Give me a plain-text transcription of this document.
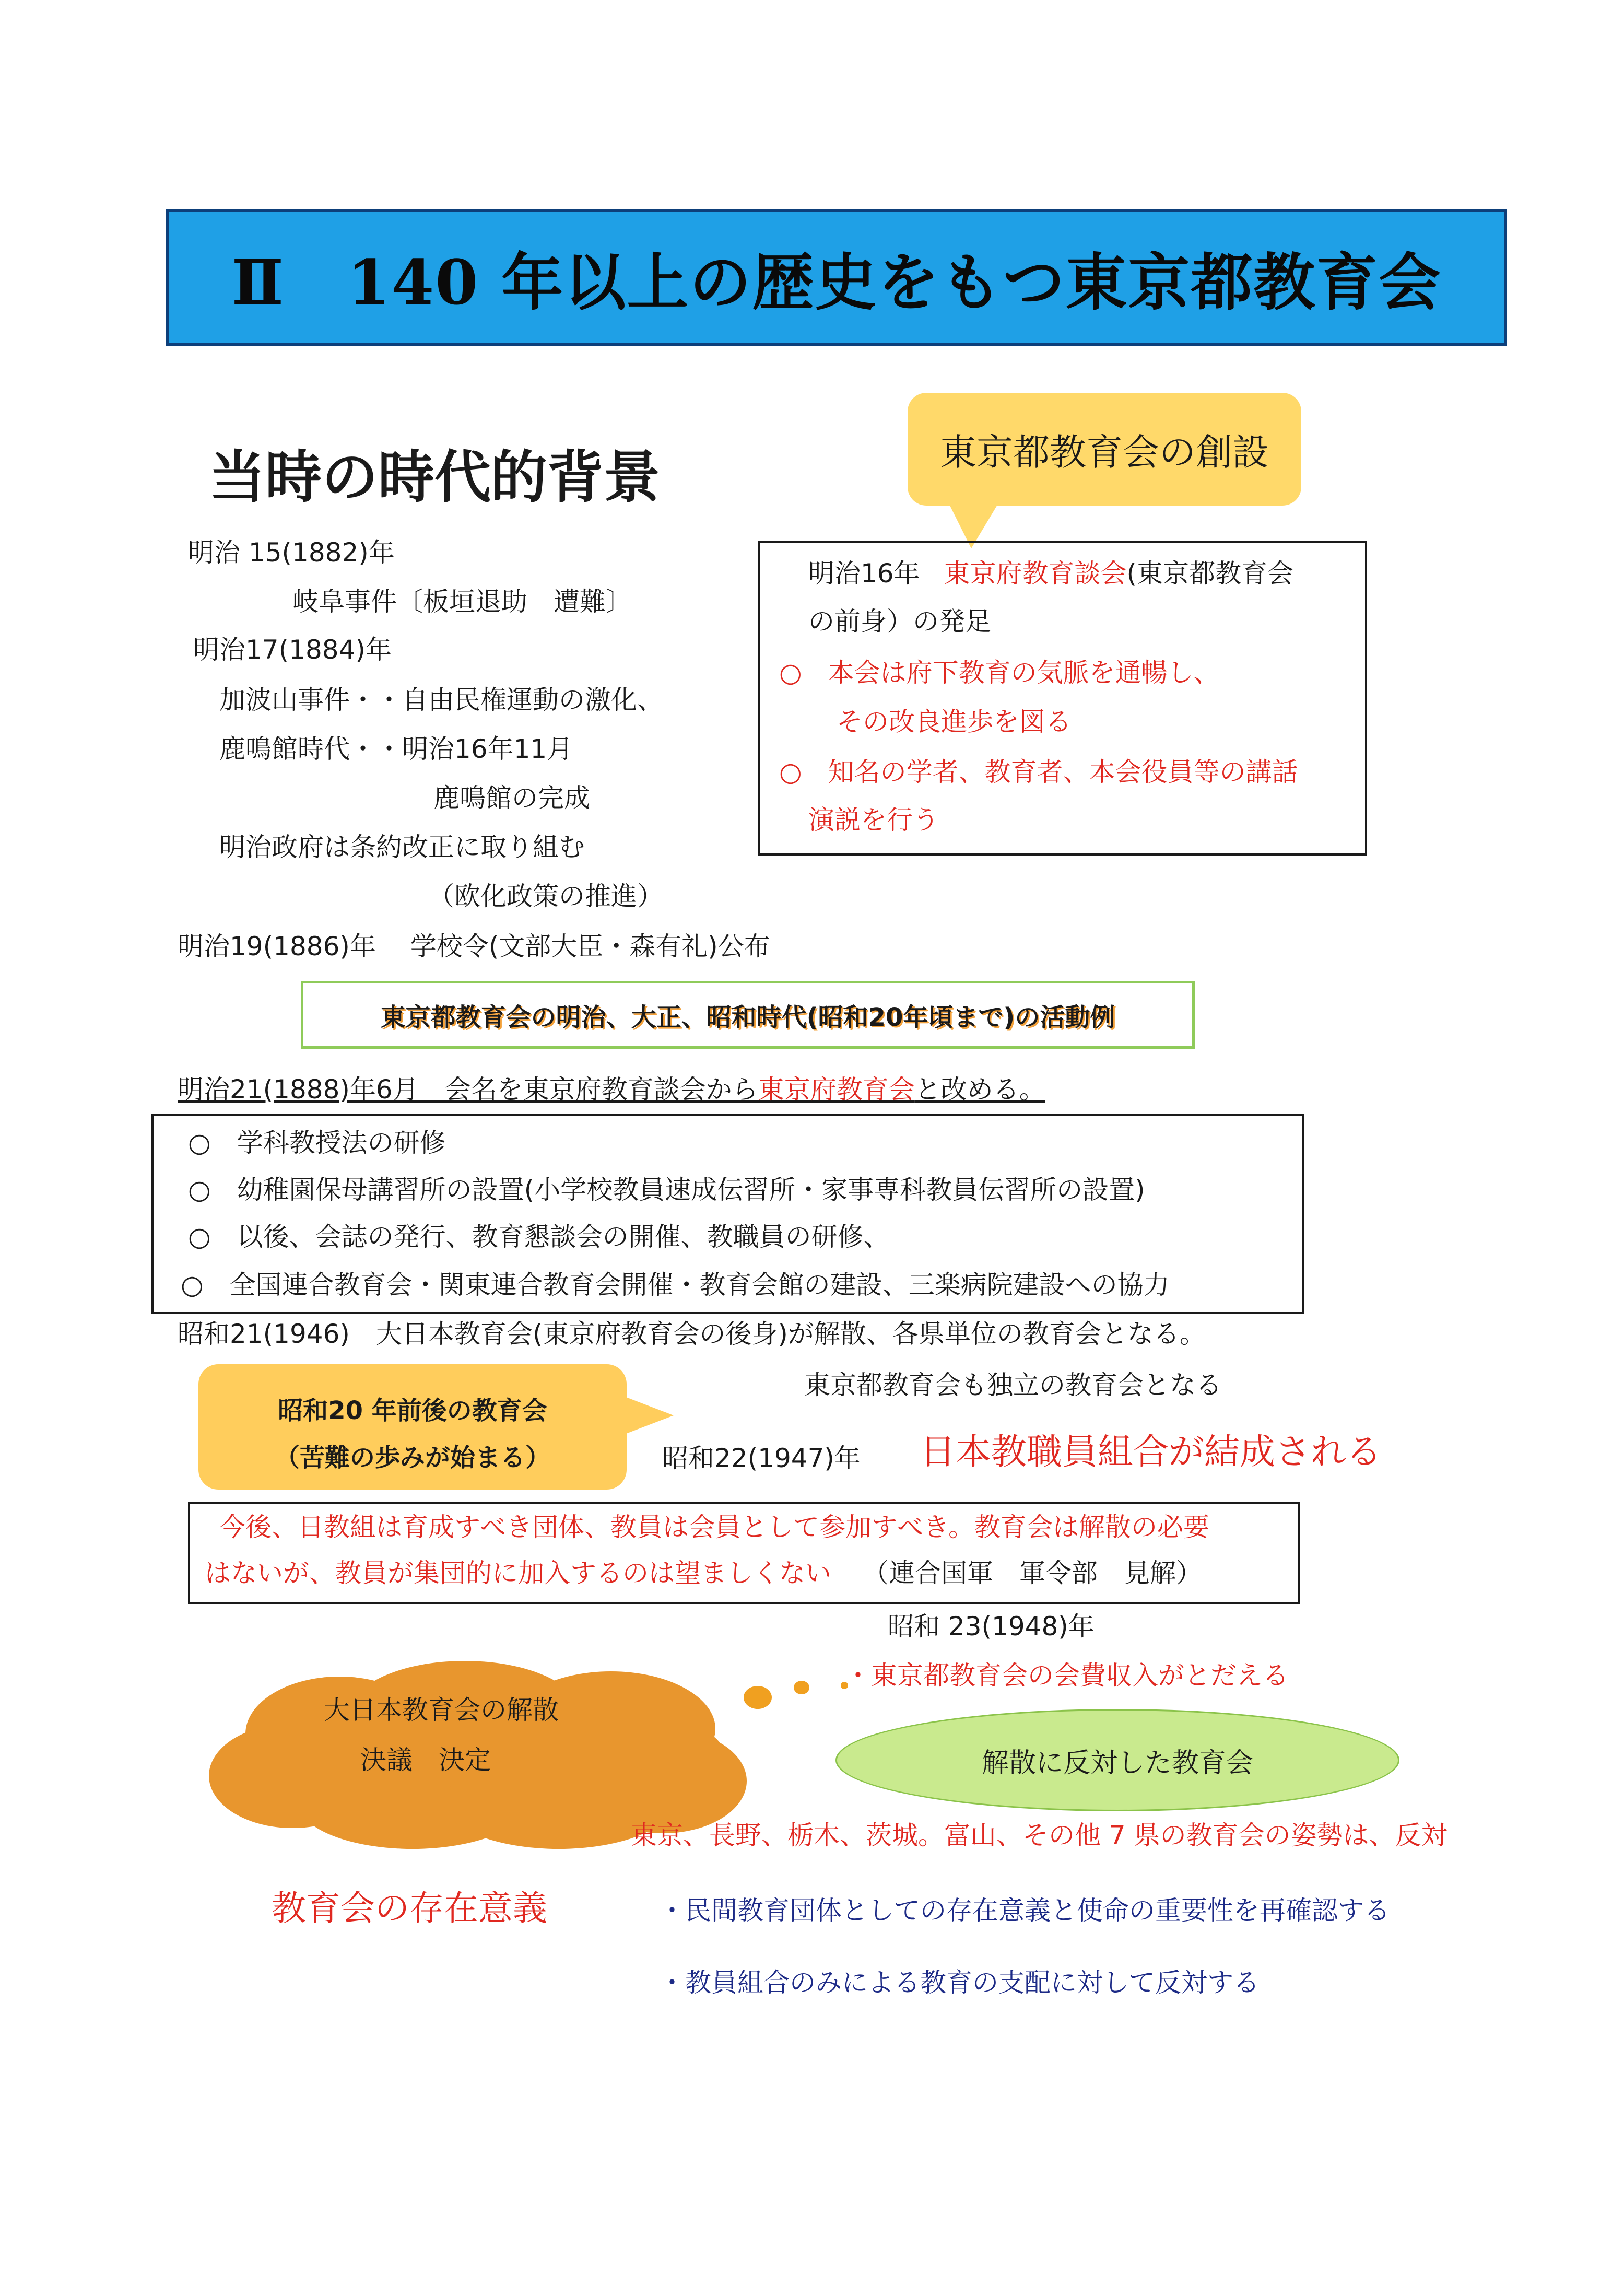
Ⅱ　140 年以上の歴史をもつ東京都教育会
当時の時代的背景
明治 15(1882)年
岐阜事件〔板垣退助　遭難〕
明治17(1884)年
加波山事件・・自由民権運動の激化、
鹿鳴館時代・・明治16年11月
鹿鳴館の完成
明治政府は条約改正に取り組む
（欧化政策の推進）
明治19(1886)年　 学校令(文部大臣・森有礼)公布
東京都教育会の創設
明治16年 東京府教育談会(東京都教育会
の前身）の発足
○　本会は府下教育の気脈を通暢し、
その改良進歩を図る
○　知名の学者、教育者、本会役員等の講話
演説を行う
東京都教育会の明治、大正、昭和時代(昭和20年頃まで)の活動例
明治21(1888)年6月　会名を東京府教育談会から東京府教育会と改める。
○　学科教授法の研修
○　幼稚園保母講習所の設置(小学校教員速成伝習所・家事専科教員伝習所の設置)
○　以後、会誌の発行、教育懇談会の開催、教職員の研修、
○　全国連合教育会・関東連合教育会開催・教育会館の建設、三楽病院建設への協力
昭和21(1946)　大日本教育会(東京府教育会の後身)が解散、各県単位の教育会となる。
東京都教育会も独立の教育会となる
昭和20 年前後の教育会
（苦難の歩みが始まる）	昭和22(1947)年 日本教職員組合が結成される
今後、日教組は育成すべき団体、教員は会員として参加すべき。教育会は解散の必要
はないが、教員が集団的に加入するのは望ましくない （連合国軍　軍令部　見解）
昭和 23(1948)年
大日本教育会の解散
決議　決定
・東京都教育会の会費収入がとだえる
解散に反対した教育会
東京、長野、栃木、茨城。富山、その他 7 県の教育会の姿勢は、反対
教育会の存在意義	・民間教育団体としての存在意義と使命の重要性を再確認する
・教員組合のみによる教育の支配に対して反対する
